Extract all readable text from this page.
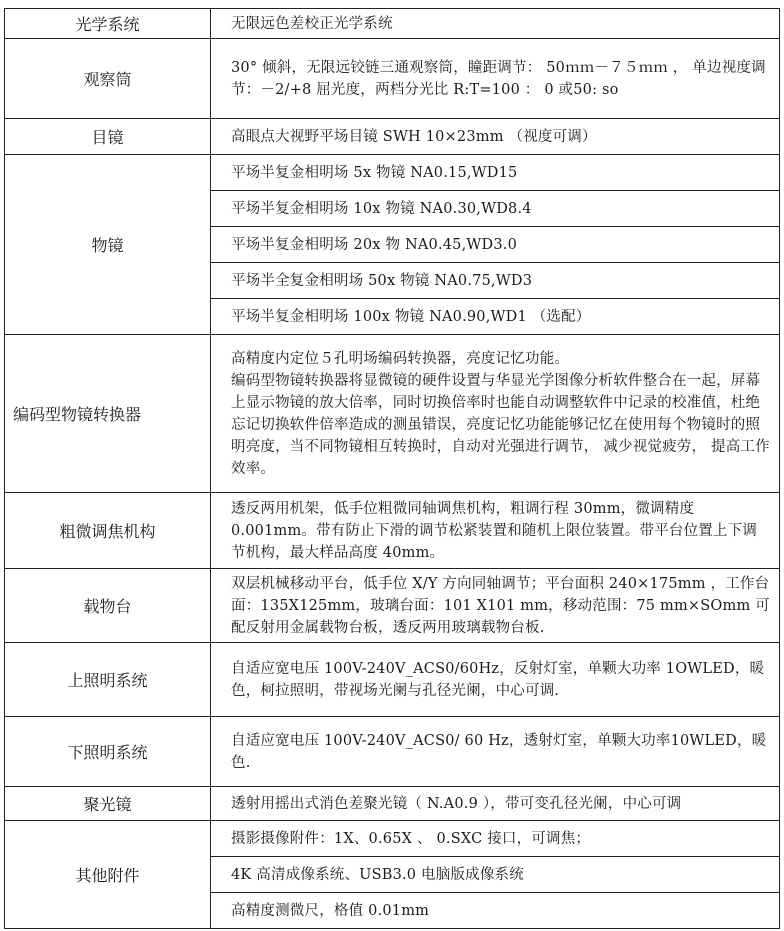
光学系统	无限远色差校正光学系统
观察筒	30° 倾斜，无限远铰链三通观察筒，瞳距调节： 50ｍｍ－７５ｍｍ ， 单边视度调节：－2/+8 屈光度，两档分光比 R:T=100 ： 0 或50: so
目镜	高眼点大视野平场目镜 SWH 10×23mm （视度可调）
物镜	平场半复金相明场 5x 物镜 NA0.15,WD15
	平场半复金相明场 10x 物镜 NA0.30,WD8.4
	平场半复金相明场 20x 物 NA0.45,WD3.0
	平场半全复金相明场 50x 物镜 NA0.75,WD3
	平场半复金相明场 100x 物镜 NA0.90,WD1 （选配）
编码型物镜转换器	高精度内定位５孔明场编码转换器，亮度记忆功能。
编码型物镜转换器将显微镜的硬件设置与华显光学图像分析软件整合在一起，屏幕上显示物镜的放大倍率，同时切换倍率时也能自动调整软件中记录的校准值，杜绝忘记切换软件倍率造成的测虽错误，亮度记忆功能能够记忆在使用每个物镜时的照明亮度，当不同物镜相互转换时，自动对光强进行调节， 减少视觉疲劳， 提高工作效率。

粗微调焦机构	透反两用机架，低手位粗微同轴调焦机构，粗调行程 30mm，微调精度 0.001mm。带有防止下滑的调节松紧装置和随机上限位装置。带平台位置上下调节机构，最大样品高度 40mm。
载物台	双层机械移动平台，低手位 X/Y 方向同轴调节；平台面积 240×175mm ，工作台面：135X125mm，玻璃台面：101 X101 mm，移动范围：75 mm×SOmm 可配反射用金属载物台板，透反两用玻璃载物台板.
上照明系统	自适应宽电压 100V-240V_ACS0/60Hz，反射灯室，单颗大功率 1OWLED，暖色，柯拉照明，带视场光阑与孔径光阑，中心可调.
下照明系统	自适应宽电压 100V-240V_ACS0/ 60 Hz，透射灯室，单颗大功率10WLED，暖色.
聚光镜	透射用摇出式消色差聚光镜（ N.A0.9 ），带可变孔径光阑，中心可调
其他附件	摄影摄像附件：1X、0.65X 、 0.SXC 接口，可调焦；
	4K 高清成像系统、USB3.0 电脑版成像系统
	高精度测微尺，格值 0.01mm
